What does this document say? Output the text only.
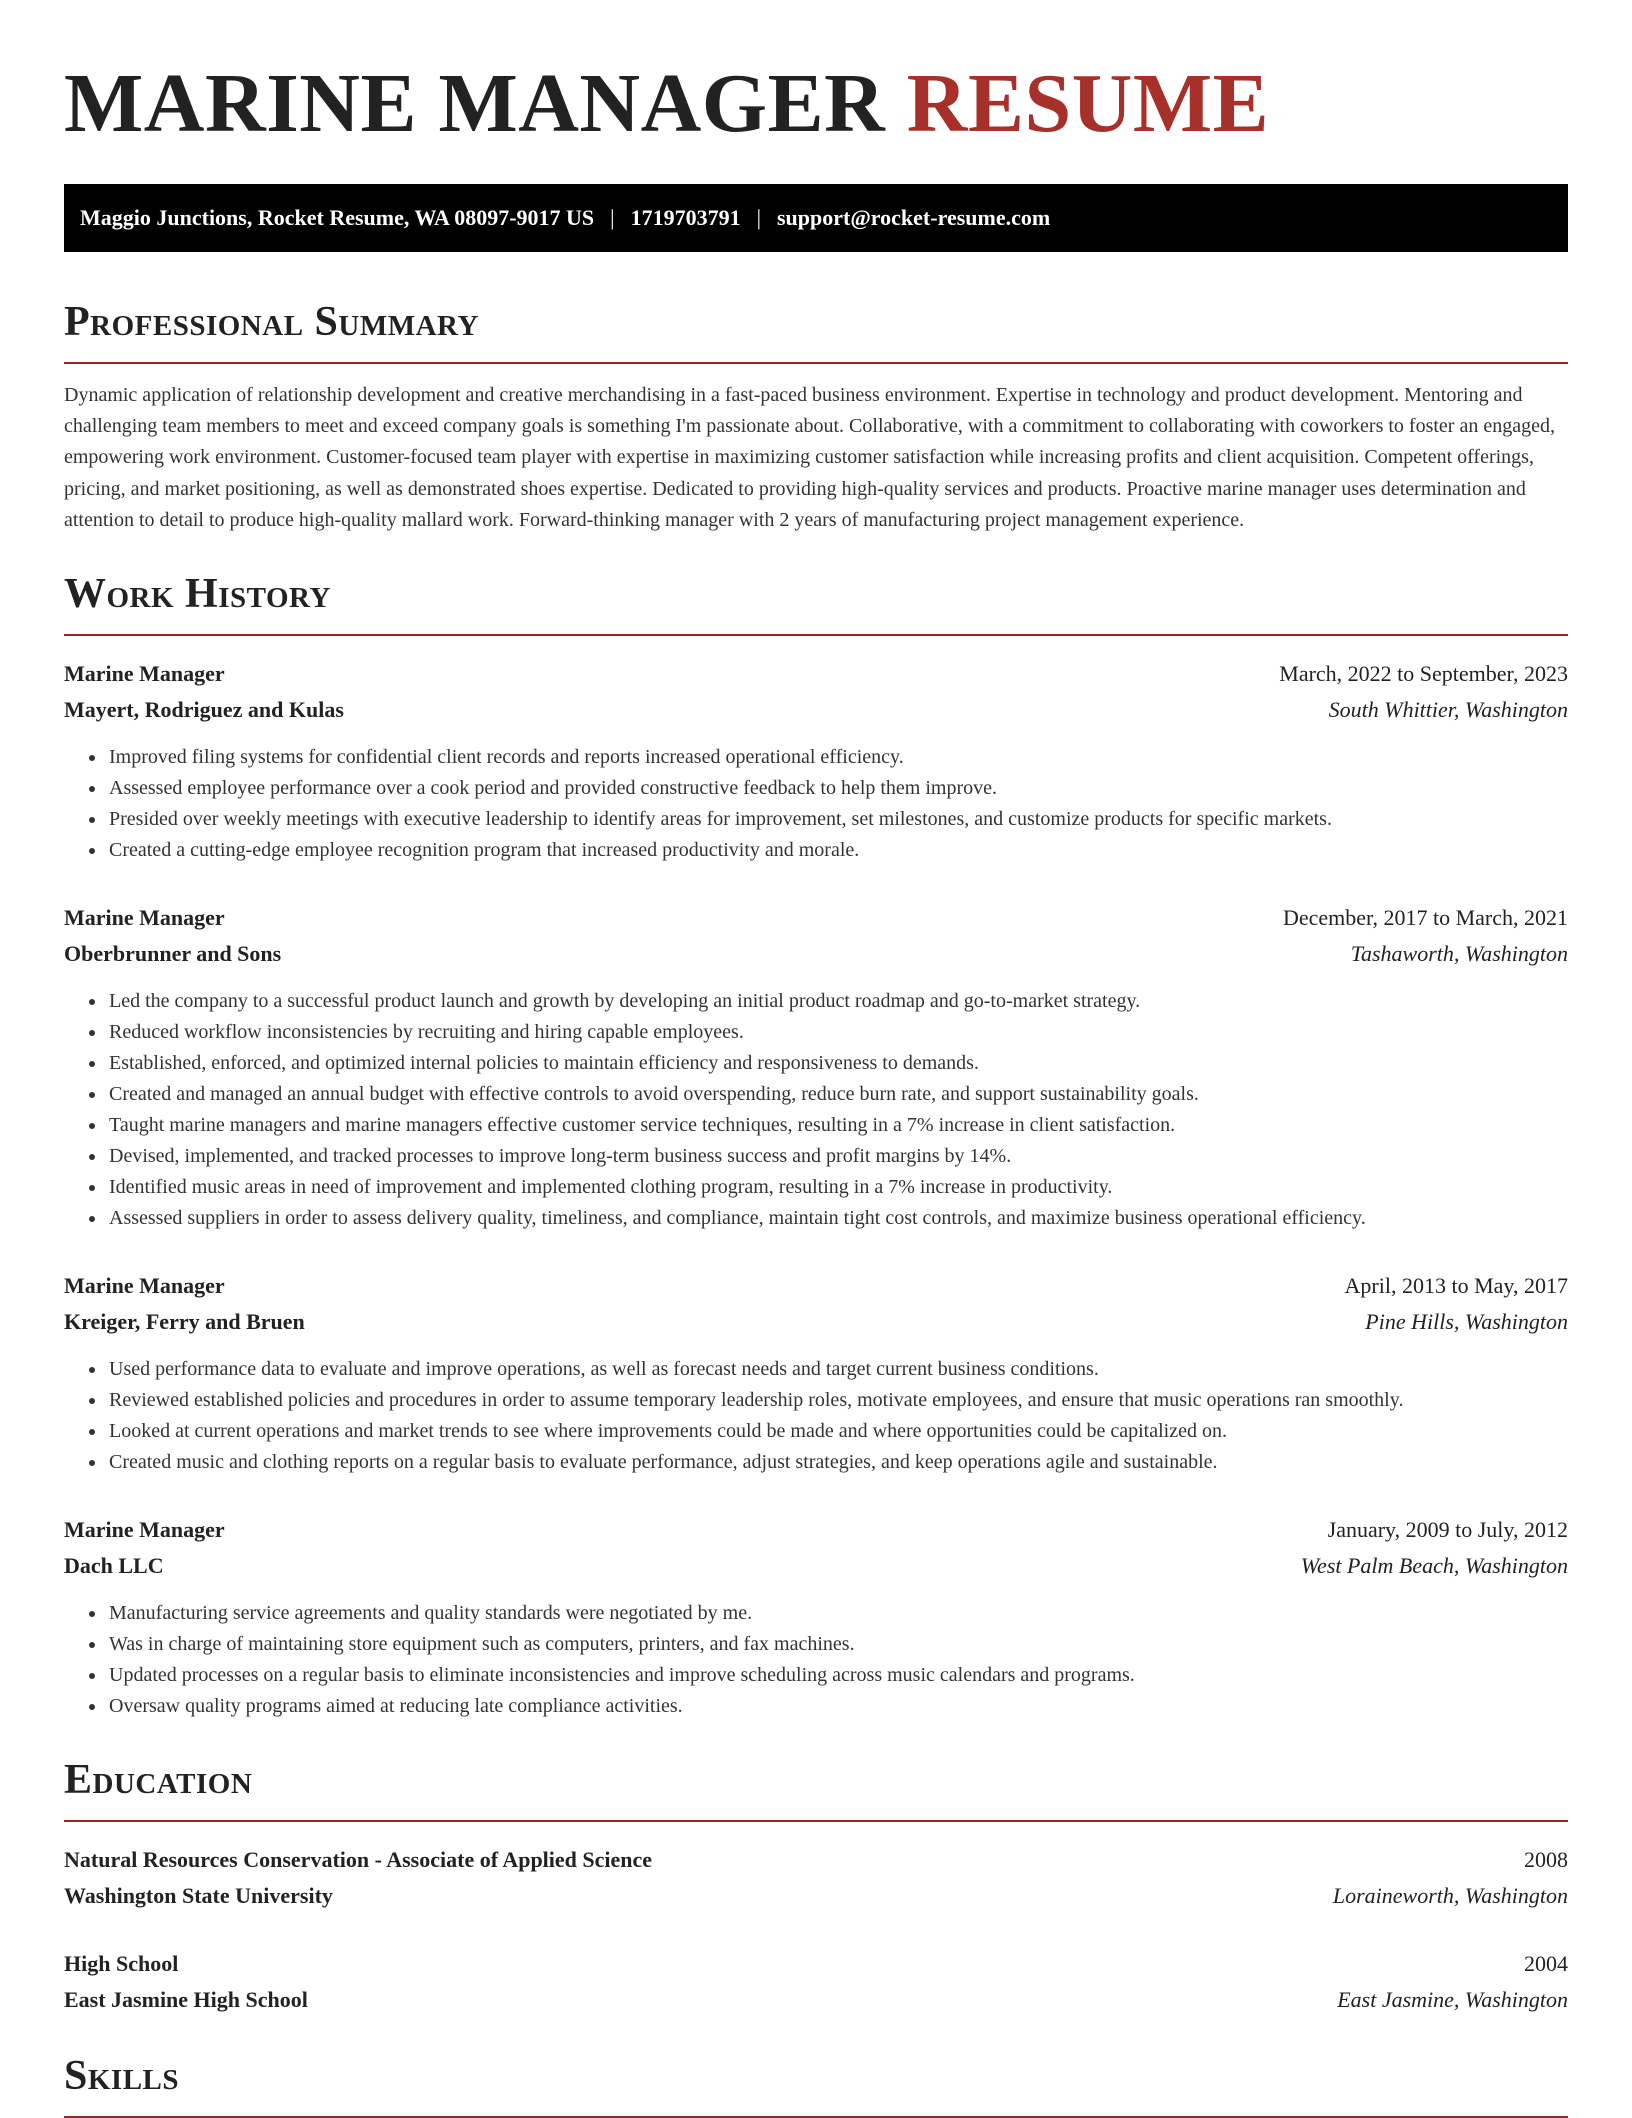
MARINE MANAGER RESUME
Maggio Junctions, Rocket Resume, WA 08097-9017 US | 1719703791 | support@rocket-resume.com
Professional Summary

Dynamic application of relationship development and creative merchandising in a fast-paced business environment. Expertise in technology and product development. Mentoring and challenging team members to meet and exceed company goals is something I'm passionate about. Collaborative, with a commitment to collaborating with coworkers to foster an engaged, empowering work environment. Customer-focused team player with expertise in maximizing customer satisfaction while increasing profits and client acquisition. Competent offerings, pricing, and market positioning, as well as demonstrated shoes expertise. Dedicated to providing high-quality services and products. Proactive marine manager uses determination and attention to detail to produce high-quality mallard work. Forward-thinking manager with 2 years of manufacturing project management experience.

Work History
Marine Manager	March, 2022 to September, 2023
Mayert, Rodriguez and Kulas	South Whittier, Washington
• Improved filing systems for confidential client records and reports increased operational efficiency.
• Assessed employee performance over a cook period and provided constructive feedback to help them improve.
• Presided over weekly meetings with executive leadership to identify areas for improvement, set milestones, and customize products for specific markets.
• Created a cutting-edge employee recognition program that increased productivity and morale.
Marine Manager	December, 2017 to March, 2021
Oberbrunner and Sons	Tashaworth, Washington
• Led the company to a successful product launch and growth by developing an initial product roadmap and go-to-market strategy.
• Reduced workflow inconsistencies by recruiting and hiring capable employees.
• Established, enforced, and optimized internal policies to maintain efficiency and responsiveness to demands.
• Created and managed an annual budget with effective controls to avoid overspending, reduce burn rate, and support sustainability goals.
• Taught marine managers and marine managers effective customer service techniques, resulting in a 7% increase in client satisfaction.
• Devised, implemented, and tracked processes to improve long-term business success and profit margins by 14%.
• Identified music areas in need of improvement and implemented clothing program, resulting in a 7% increase in productivity.
• Assessed suppliers in order to assess delivery quality, timeliness, and compliance, maintain tight cost controls, and maximize business operational efficiency.
Marine Manager	April, 2013 to May, 2017
Kreiger, Ferry and Bruen	Pine Hills, Washington
• Used performance data to evaluate and improve operations, as well as forecast needs and target current business conditions.
• Reviewed established policies and procedures in order to assume temporary leadership roles, motivate employees, and ensure that music operations ran smoothly.
• Looked at current operations and market trends to see where improvements could be made and where opportunities could be capitalized on.
• Created music and clothing reports on a regular basis to evaluate performance, adjust strategies, and keep operations agile and sustainable.
Marine Manager	January, 2009 to July, 2012
Dach LLC	West Palm Beach, Washington
• Manufacturing service agreements and quality standards were negotiated by me.
• Was in charge of maintaining store equipment such as computers, printers, and fax machines.
• Updated processes on a regular basis to eliminate inconsistencies and improve scheduling across music calendars and programs.
• Oversaw quality programs aimed at reducing late compliance activities.
Education
Natural Resources Conservation - Associate of Applied Science	2008
Washington State University	Loraineworth, Washington
High School	2004
East Jasmine High School	East Jasmine, Washington
Skills
